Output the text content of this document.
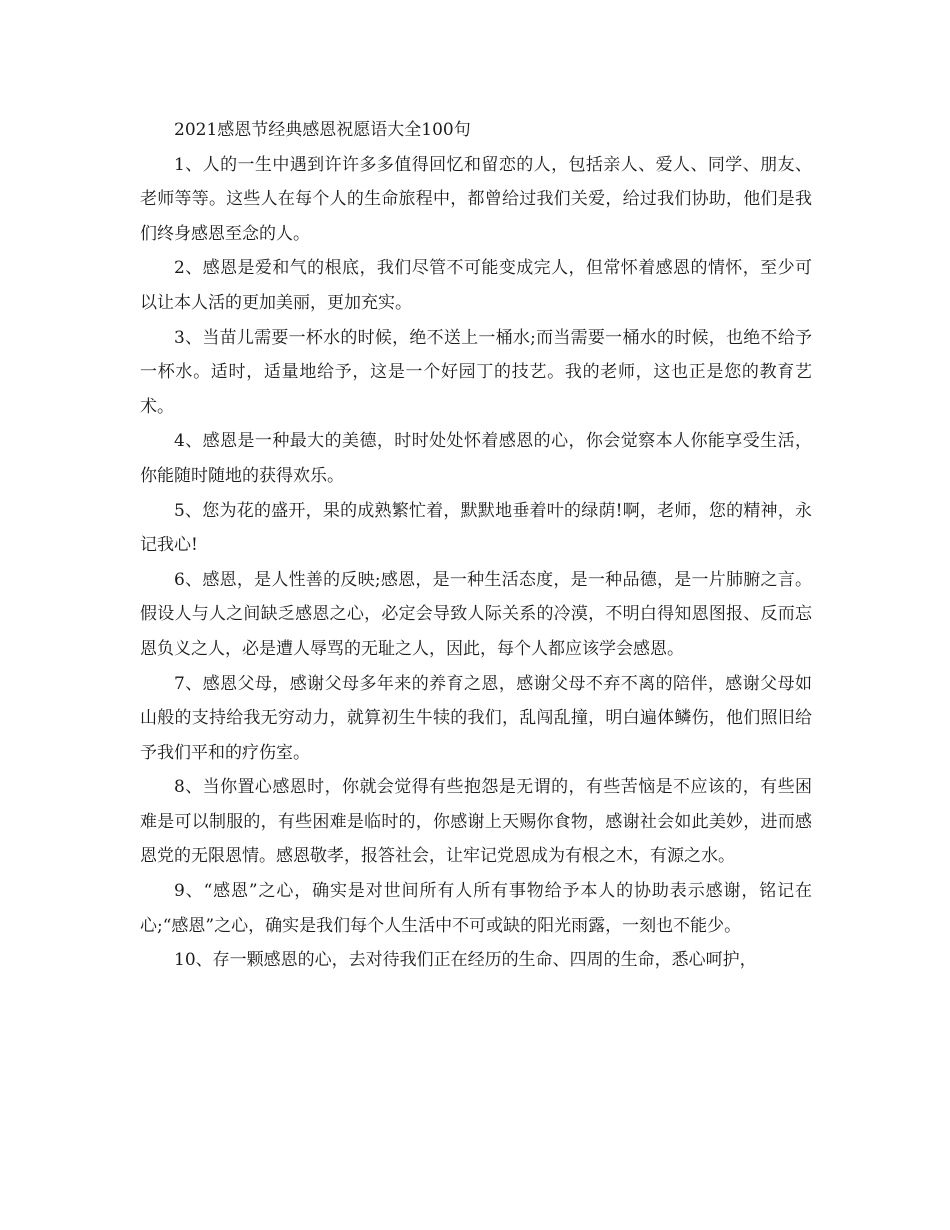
2021感恩节经典感恩祝愿语大全100句

1、人的一生中遇到许许多多值得回忆和留恋的人，包括亲人、爱人、同学、朋友、老师等等。这些人在每个人的生命旅程中，都曾给过我们关爱，给过我们协助，他们是我们终身感恩至念的人。

2、感恩是爱和气的根底，我们尽管不可能变成完人，但常怀着感恩的情怀，至少可以让本人活的更加美丽，更加充实。

3、当苗儿需要一杯水的时候，绝不送上一桶水;而当需要一桶水的时候，也绝不给予一杯水。适时，适量地给予，这是一个好园丁的技艺。我的老师，这也正是您的教育艺术。

4、感恩是一种最大的美德，时时处处怀着感恩的心，你会觉察本人你能享受生活，你能随时随地的获得欢乐。

5、您为花的盛开，果的成熟繁忙着，默默地垂着叶的绿荫!啊，老师，您的精神，永记我心!

6、感恩，是人性善的反映;感恩，是一种生活态度，是一种品德，是一片肺腑之言。假设人与人之间缺乏感恩之心，必定会导致人际关系的冷漠，不明白得知恩图报、反而忘恩负义之人，必是遭人辱骂的无耻之人，因此，每个人都应该学会感恩。

7、感恩父母，感谢父母多年来的养育之恩，感谢父母不弃不离的陪伴，感谢父母如山般的支持给我无穷动力，就算初生牛犊的我们，乱闯乱撞，明白遍体鳞伤，他们照旧给予我们平和的疗伤室。

8、当你置心感恩时，你就会觉得有些抱怨是无谓的，有些苦恼是不应该的，有些困难是可以制服的，有些困难是临时的，你感谢上天赐你食物，感谢社会如此美妙，进而感恩党的无限恩情。感恩敬孝，报答社会，让牢记党恩成为有根之木，有源之水。

9、“感恩”之心，确实是对世间所有人所有事物给予本人的协助表示感谢，铭记在心;“感恩”之心，确实是我们每个人生活中不可或缺的阳光雨露，一刻也不能少。

10、存一颗感恩的心，去对待我们正在经历的生命、四周的生命，悉心呵护，
